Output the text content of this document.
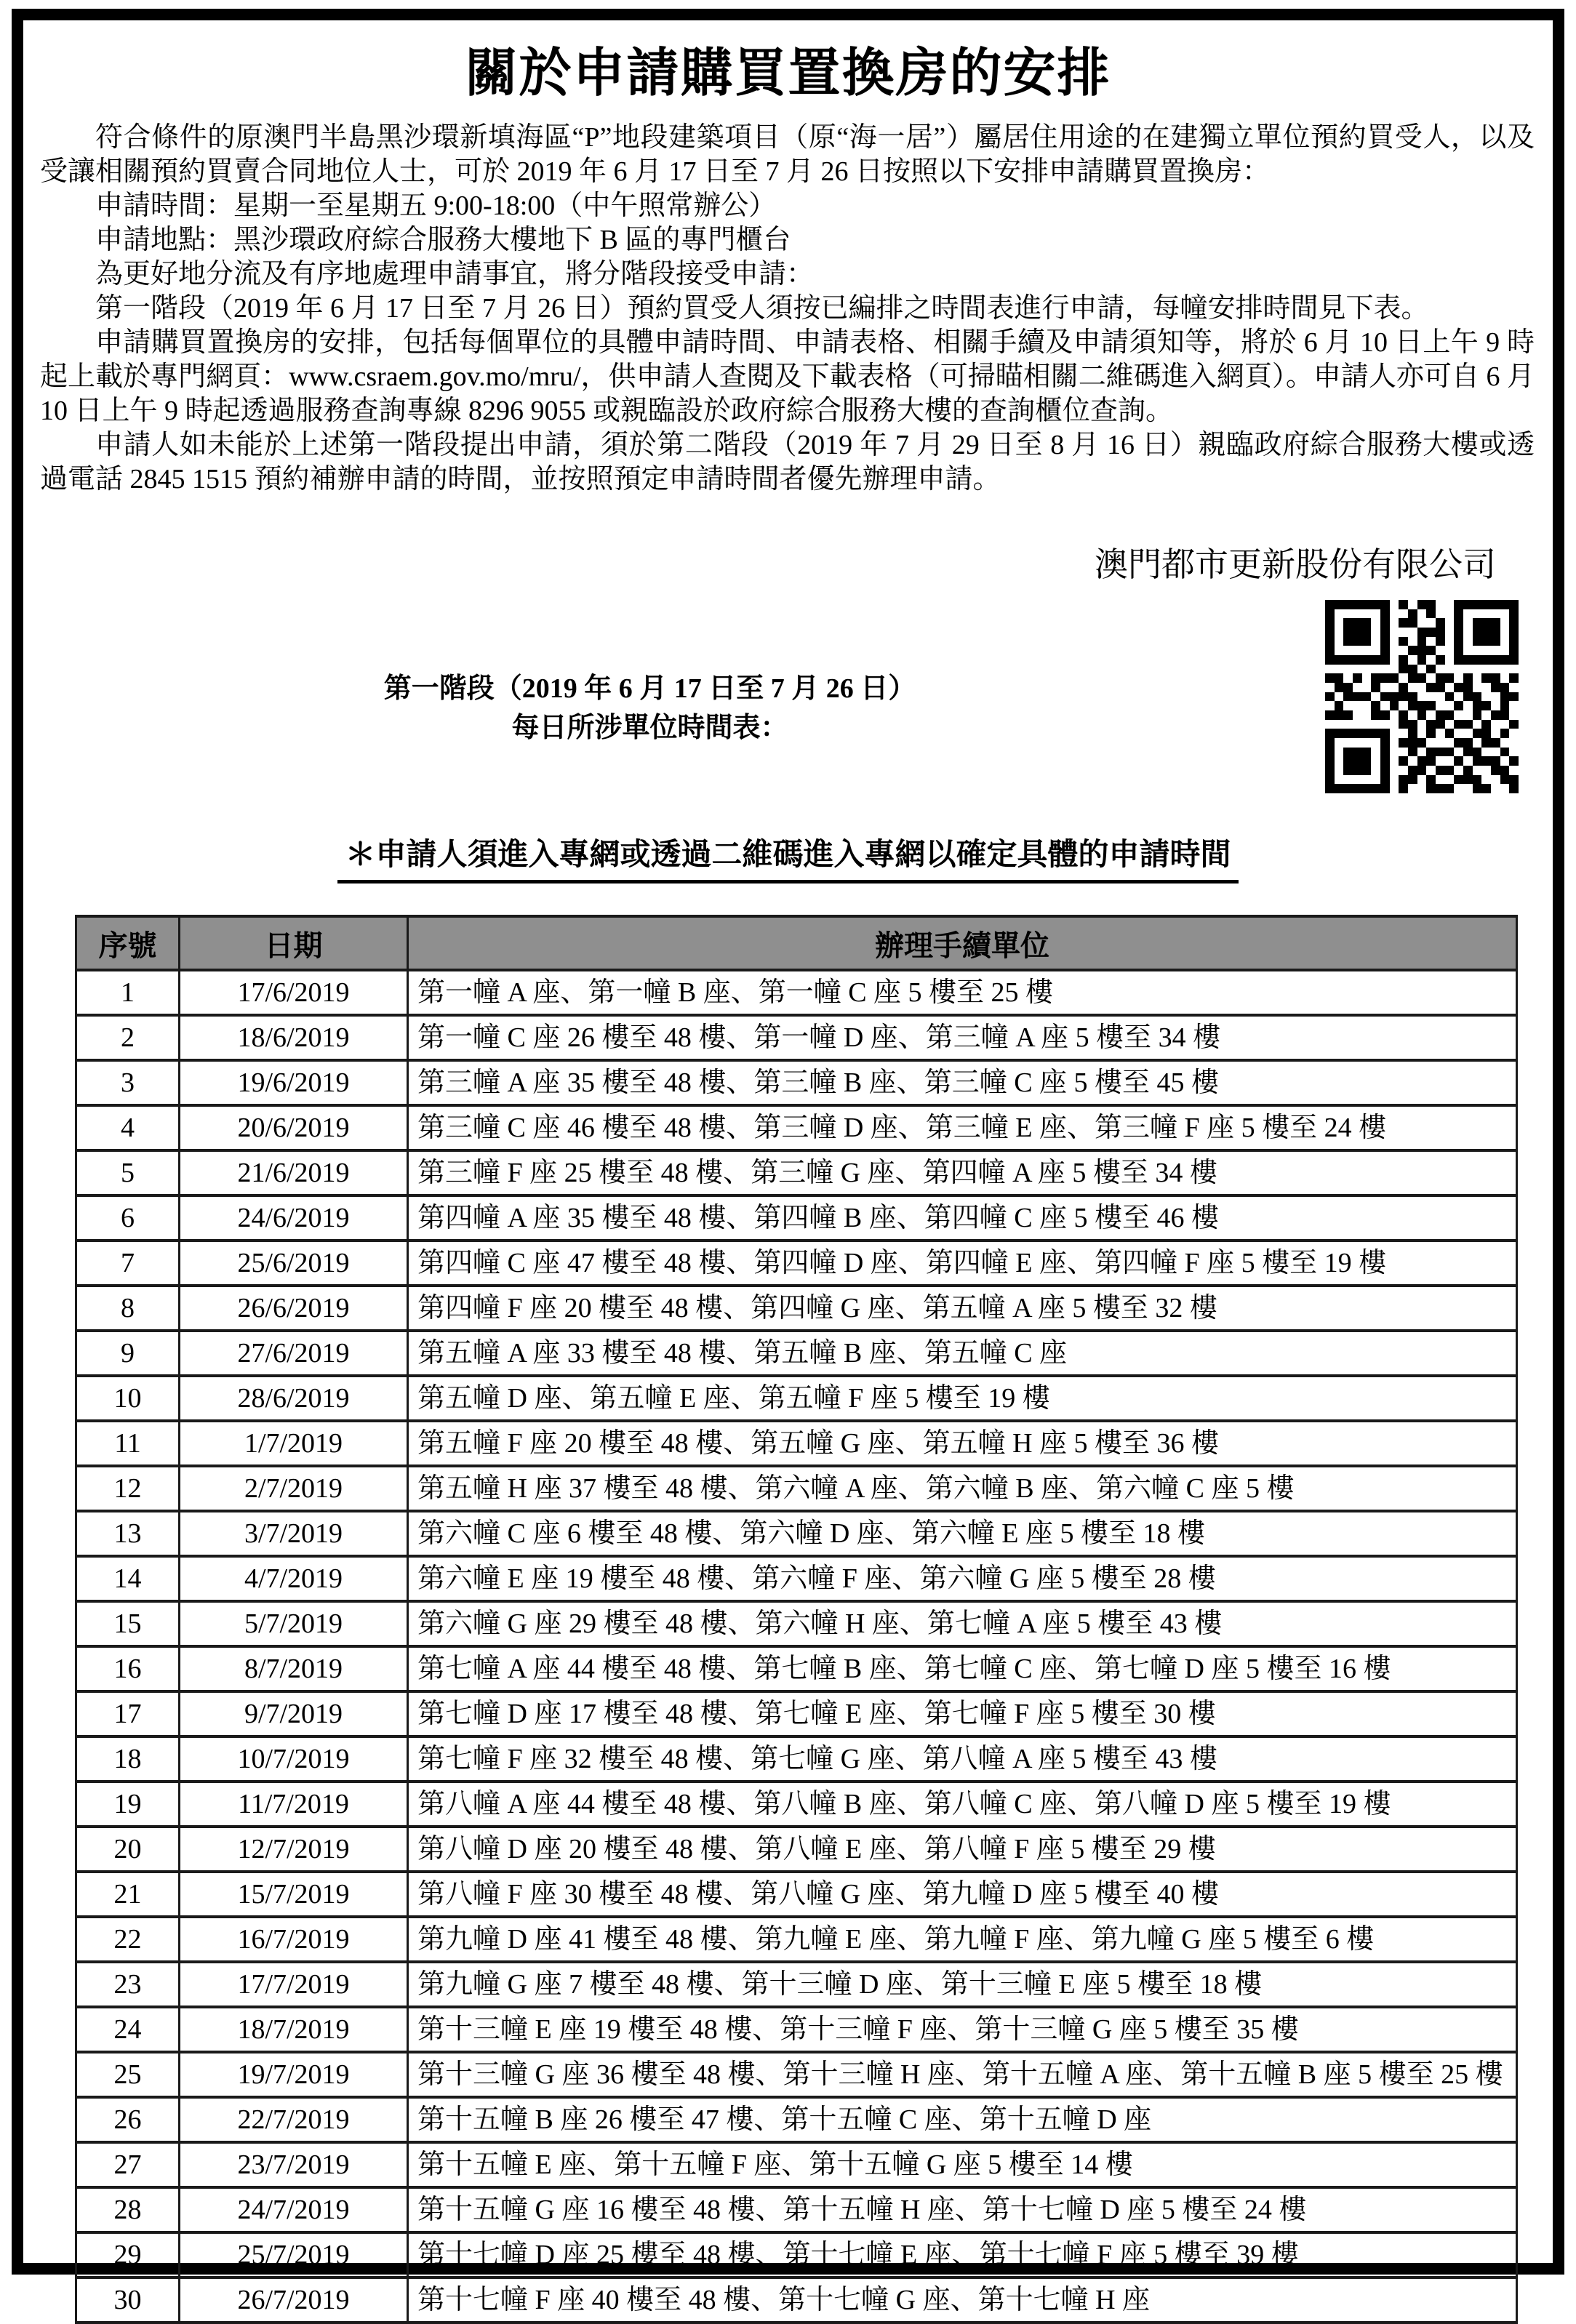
關於申請購買置換房的安排

符合條件的原澳門半島黑沙環新填海區“P”地段建築項目（原“海一居”）屬居住用途的在建獨立單位預約買受人，以及受讓相關預約買賣合同地位人士，可於 2019 年 6 月 17 日至 7 月 26 日按照以下安排申請購買置換房：

申請時間：星期一至星期五 9:00-18:00（中午照常辦公）

申請地點：黑沙環政府綜合服務大樓地下 B 區的專門櫃台

為更好地分流及有序地處理申請事宜，將分階段接受申請：

第一階段（2019 年 6 月 17 日至 7 月 26 日）預約買受人須按已編排之時間表進行申請，每幢安排時間見下表。

申請購買置換房的安排，包括每個單位的具體申請時間、申請表格、相關手續及申請須知等，將於 6 月 10 日上午 9 時起上載於專門網頁：www.csraem.gov.mo/mru/，供申請人查閱及下載表格（可掃瞄相關二維碼進入網頁）。申請人亦可自 6 月 10 日上午 9 時起透過服務查詢專線 8296 9055 或親臨設於政府綜合服務大樓的查詢櫃位查詢。

申請人如未能於上述第一階段提出申請，須於第二階段（2019 年 7 月 29 日至 8 月 16 日）親臨政府綜合服務大樓或透過電話 2845 1515 預約補辦申請的時間，並按照預定申請時間者優先辦理申請。

澳門都市更新股份有限公司
第一階段（2019 年 6 月 17 日至 7 月 26 日）
每日所涉單位時間表：
＊申請人須進入專網或透過二維碼進入專網以確定具體的申請時間
序號	日期	辦理手續單位
1	17/6/2019	第一幢 A 座、第一幢 B 座、第一幢 C 座 5 樓至 25 樓
2	18/6/2019	第一幢 C 座 26 樓至 48 樓、第一幢 D 座、第三幢 A 座 5 樓至 34 樓
3	19/6/2019	第三幢 A 座 35 樓至 48 樓、第三幢 B 座、第三幢 C 座 5 樓至 45 樓
4	20/6/2019	第三幢 C 座 46 樓至 48 樓、第三幢 D 座、第三幢 E 座、第三幢 F 座 5 樓至 24 樓
5	21/6/2019	第三幢 F 座 25 樓至 48 樓、第三幢 G 座、第四幢 A 座 5 樓至 34 樓
6	24/6/2019	第四幢 A 座 35 樓至 48 樓、第四幢 B 座、第四幢 C 座 5 樓至 46 樓
7	25/6/2019	第四幢 C 座 47 樓至 48 樓、第四幢 D 座、第四幢 E 座、第四幢 F 座 5 樓至 19 樓
8	26/6/2019	第四幢 F 座 20 樓至 48 樓、第四幢 G 座、第五幢 A 座 5 樓至 32 樓
9	27/6/2019	第五幢 A 座 33 樓至 48 樓、第五幢 B 座、第五幢 C 座
10	28/6/2019	第五幢 D 座、第五幢 E 座、第五幢 F 座 5 樓至 19 樓
11	1/7/2019	第五幢 F 座 20 樓至 48 樓、第五幢 G 座、第五幢 H 座 5 樓至 36 樓
12	2/7/2019	第五幢 H 座 37 樓至 48 樓、第六幢 A 座、第六幢 B 座、第六幢 C 座 5 樓
13	3/7/2019	第六幢 C 座 6 樓至 48 樓、第六幢 D 座、第六幢 E 座 5 樓至 18 樓
14	4/7/2019	第六幢 E 座 19 樓至 48 樓、第六幢 F 座、第六幢 G 座 5 樓至 28 樓
15	5/7/2019	第六幢 G 座 29 樓至 48 樓、第六幢 H 座、第七幢 A 座 5 樓至 43 樓
16	8/7/2019	第七幢 A 座 44 樓至 48 樓、第七幢 B 座、第七幢 C 座、第七幢 D 座 5 樓至 16 樓
17	9/7/2019	第七幢 D 座 17 樓至 48 樓、第七幢 E 座、第七幢 F 座 5 樓至 30 樓
18	10/7/2019	第七幢 F 座 32 樓至 48 樓、第七幢 G 座、第八幢 A 座 5 樓至 43 樓
19	11/7/2019	第八幢 A 座 44 樓至 48 樓、第八幢 B 座、第八幢 C 座、第八幢 D 座 5 樓至 19 樓
20	12/7/2019	第八幢 D 座 20 樓至 48 樓、第八幢 E 座、第八幢 F 座 5 樓至 29 樓
21	15/7/2019	第八幢 F 座 30 樓至 48 樓、第八幢 G 座、第九幢 D 座 5 樓至 40 樓
22	16/7/2019	第九幢 D 座 41 樓至 48 樓、第九幢 E 座、第九幢 F 座、第九幢 G 座 5 樓至 6 樓
23	17/7/2019	第九幢 G 座 7 樓至 48 樓、第十三幢 D 座、第十三幢 E 座 5 樓至 18 樓
24	18/7/2019	第十三幢 E 座 19 樓至 48 樓、第十三幢 F 座、第十三幢 G 座 5 樓至 35 樓
25	19/7/2019	第十三幢 G 座 36 樓至 48 樓、第十三幢 H 座、第十五幢 A 座、第十五幢 B 座 5 樓至 25 樓
26	22/7/2019	第十五幢 B 座 26 樓至 47 樓、第十五幢 C 座、第十五幢 D 座
27	23/7/2019	第十五幢 E 座、第十五幢 F 座、第十五幢 G 座 5 樓至 14 樓
28	24/7/2019	第十五幢 G 座 16 樓至 48 樓、第十五幢 H 座、第十七幢 D 座 5 樓至 24 樓
29	25/7/2019	第十七幢 D 座 25 樓至 48 樓、第十七幢 E 座、第十七幢 F 座 5 樓至 39 樓
30	26/7/2019	第十七幢 F 座 40 樓至 48 樓、第十七幢 G 座、第十七幢 H 座
